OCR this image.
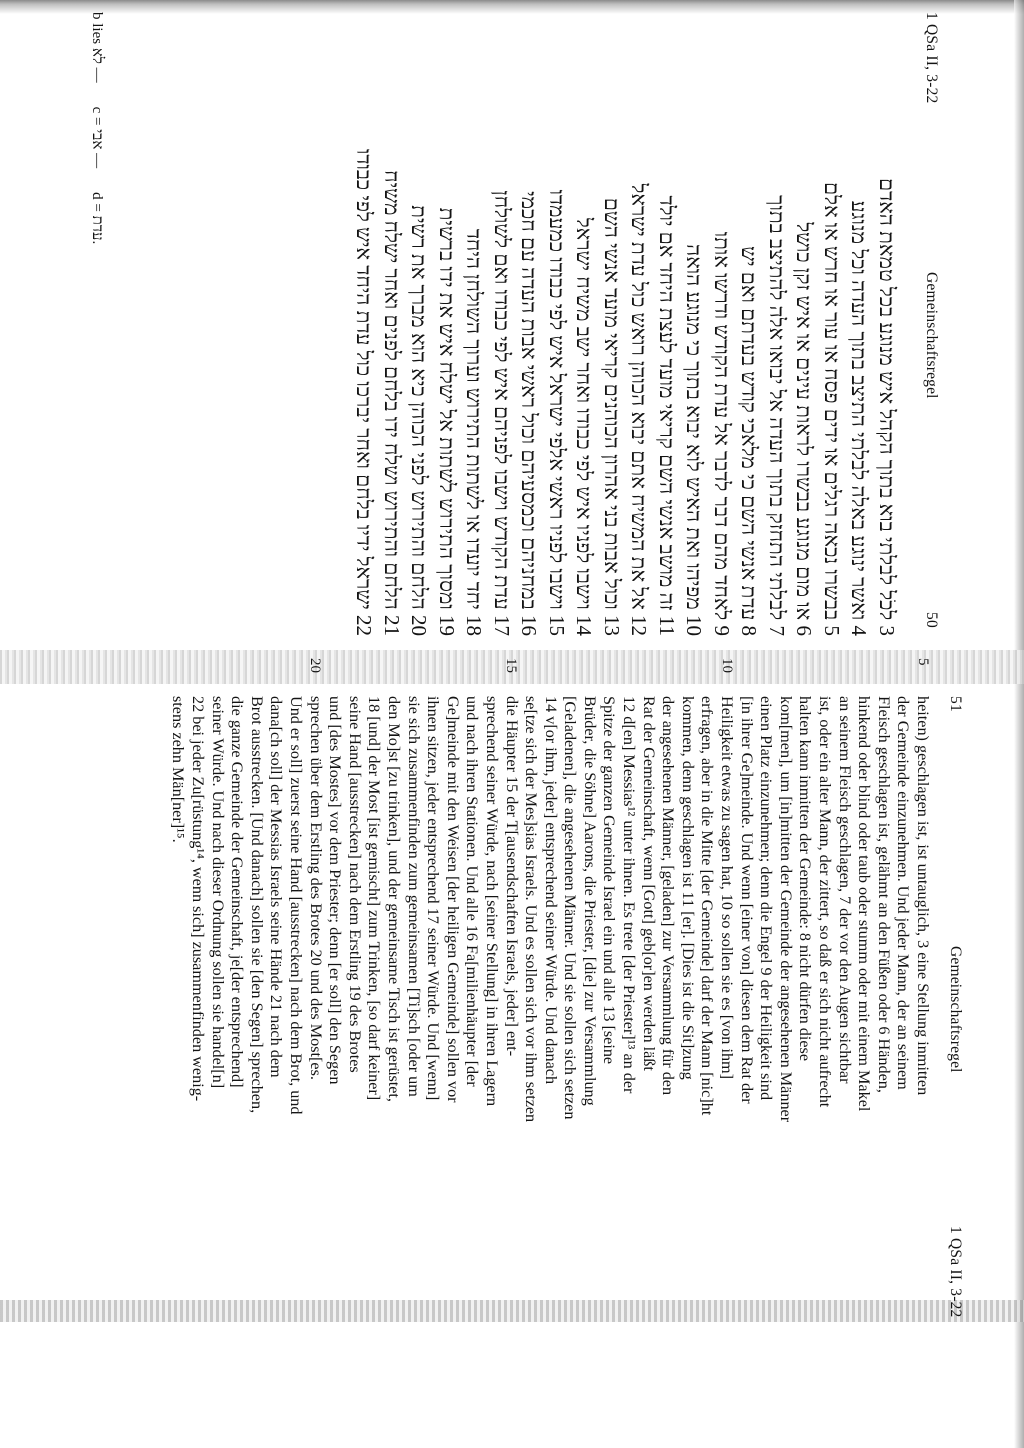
1 QSa II, 3-22
Gemeinschaftsregel
50
3 לכֹל לבלתי בוא בתוך הקהל איש מנוגע בכל טמאת האדם
4 ואשר ינוגע באלה לבלתי התיצב בתוך העדה וכל מנוגע
5 בבשרו נכאה רגלים או ידים פסח או עור או חרש או אלם
6 או מום מנוגע בבשרו לראות עינים או איש זקן כושל
7 לבלתי התחזק בתוך העדה אל יבואו אלה להתיצב בתוך
8 עדת אנשי השם כי מלאכי קודש בעדתם ואם יש
9 לאחד מהם דבר לדבר אל עדת הקודש ודרשו אותו
10 מפיהו ואת האיש לוא יבוא בתוך כי מנוגע הואה
11 זה מושב אנשי השם קריאי מועד לעצת היחד אם יולד
12 אל את המשיח אתם יבוא הכוהן רואש כול עדת ישראל
13 וכול אבות בני אהרון הכוהנים קריאי מועד אנשי השם
14 וישבו לפניו איש לפי כבודו ואחר ישב משיח ישראל
15 וישבו לפניו ראשי אלפי ישראל איש לפי כבודו כמעמדו
16 במחניהם וכמסעיהם וכול ראשי אבות העדה עם חכמי
17 עדת הקודש וישבו לפניהם איש לפי כבודו ואם לשולחן
18 יחד יועדו או לשתות התירוש וערוך השולחן היחד
19 ומסוך התירוש לשתות אל ישלח איש את ידו ברשית
20 הלחם והתירוש לפני הכוהן כיא הוא מברך את רשית
21 הלחם והתירוש ושלח ידו בלחם לפנים ואחר ישלח משיח
22 ישראל ידיו בלחם ואחר יברכו כול עדת היחד איש לפי כבודו
b lies לא —
c = אבי —
d = עדת.
51
Gemeinschaftsregel
1 QSa II, 3-22
5
10
15
20
heiten) geschlagen ist, ist untauglich, 3 eine Stellung inmitten
der Gemeinde einzunehmen. Und jeder Mann, der an seinem
Fleisch geschlagen ist, gelähmt an den Füßen oder 6 Händen,
hinkend oder blind oder taub oder stumm oder mit einem Makel
an seinem Fleisch geschlagen, 7 der vor den Augen sichtbar
ist, oder ein alter Mann, der zittert, so daß er sich nicht aufrecht
halten kann inmitten der Gemeinde: 8 nicht dürfen diese
kom[men], um [in]mitten der Gemeinde der angesehenen Männer
einen Platz einzunehmen; denn die Engel 9 der Heiligkeit sind
[in ihrer Ge]meinde. Und wenn [einer von] diesen dem Rat der
Heiligkeit etwas zu sagen hat, 10 so sollen sie es [von ihm]
erfragen, aber in die Mitte [der Gemeinde] darf der Mann [nic]ht
kommen, denn geschlagen ist 11 [er]. [Dies ist die Sit]zung
der angesehenen Männer, [geladen] zur Versammlung für den
Rat der Gemeinschaft, wenn [Gott] geb[or]en werden läßt
12 d[en] Messias¹² unter ihnen. Es trete [der Priester]¹³ an der
Spitze der ganzen Gemeinde Israel ein und alle 13 [seine
Brüder, die Söhne] Aarons, die Priester, [die] zur Versammlung
[Geladenen], die angesehenen Männer. Und sie sollen sich setzen
14 v[or ihm, jeder] entsprechend seiner Würde. Und danach
se[tze sich der Mes]sias Israels. Und es sollen sich vor ihm setzen
die Häupter 15 der T[ausendschaften Israels, jeder] ent-
sprechend seiner Würde, nach [seiner Stellung] in ihren Lagern
und nach ihren Stationen. Und alle 16 Fa[milienhäupter [der
Ge]meinde mit den Weisen [der heiligen Gemeinde] sollen vor
ihnen sitzen, jeder entsprechend 17 seiner Würde. Und [wenn]
sie sich zusammenfinden zum gemeinsamen [Ti]sch [oder um
den Mo]st [zu trinken], und der gemeinsame Tisch ist gerüstet,
18 [und] der Most [ist gemischt] zum Trinken, [so darf keiner]
seine Hand [ausstrecken] nach dem Erstling 19 des Brotes
und [des Mostes] vor dem Priester; denn [er soll] den Segen
sprechen über dem Erstling des Brotes 20 und des Most[es.
Und er soll] zuerst seine Hand [ausstrecken] nach dem Brot, und
dana[ch soll] der Messias Israels seine Hände 21 nach dem
Brot ausstrecken. [Und danach] sollen sie [den Segen] sprechen,
die ganze Gemeinde der Gemeinschaft, je[der entsprechend]
seiner Würde. Und nach dieser Ordnung sollen sie handel[n]
22 bei jeder Zu[rüstung¹⁴, wenn sich] zusammenfinden wenig-
stens zehn Män[ner]¹⁵.
